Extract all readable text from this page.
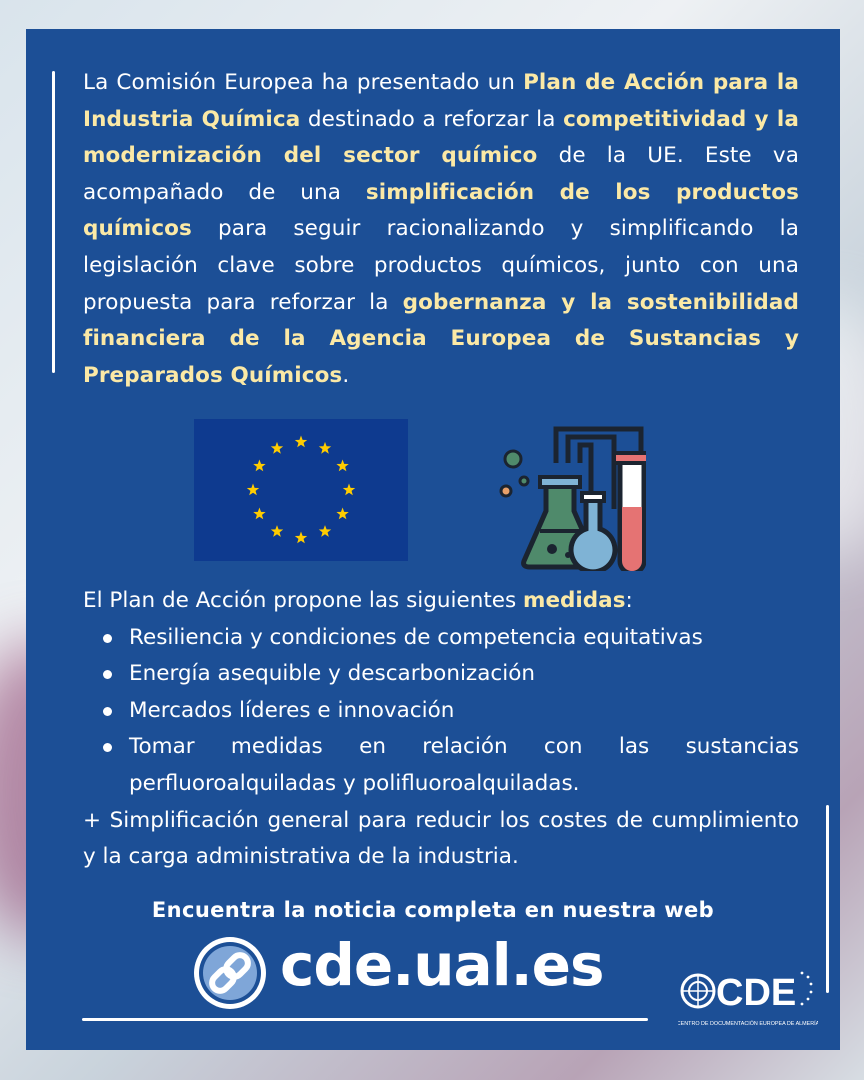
La Comisión Europea ha presentado un Plan de Acción para la Industria Química destinado a reforzar la competitividad y la modernización del sector químico de la UE. Este va acompañado de una simplificación de los productos químicos para seguir racionalizando y simplificando la legislación clave sobre productos químicos, junto con una propuesta para reforzar la gobernanza y la sostenibilidad financiera de la Agencia Europea de Sustancias y Preparados Químicos.

El Plan de Acción propone las siguientes medidas:
Resiliencia y condiciones de competencia equitativas
Energía asequible y descarbonización
Mercados líderes e innovación
Tomar medidas en relación con las sustancias perfluoroalquiladas y polifluoroalquiladas.
+ Simplificación general para reducir los costes de cumplimiento y la carga administrativa de la industria.
Encuentra la noticia completa en nuestra web
cde.ual.es	CDE
CENTRO DE DOCUMENTACIÓN EUROPEA DE ALMERÍA
